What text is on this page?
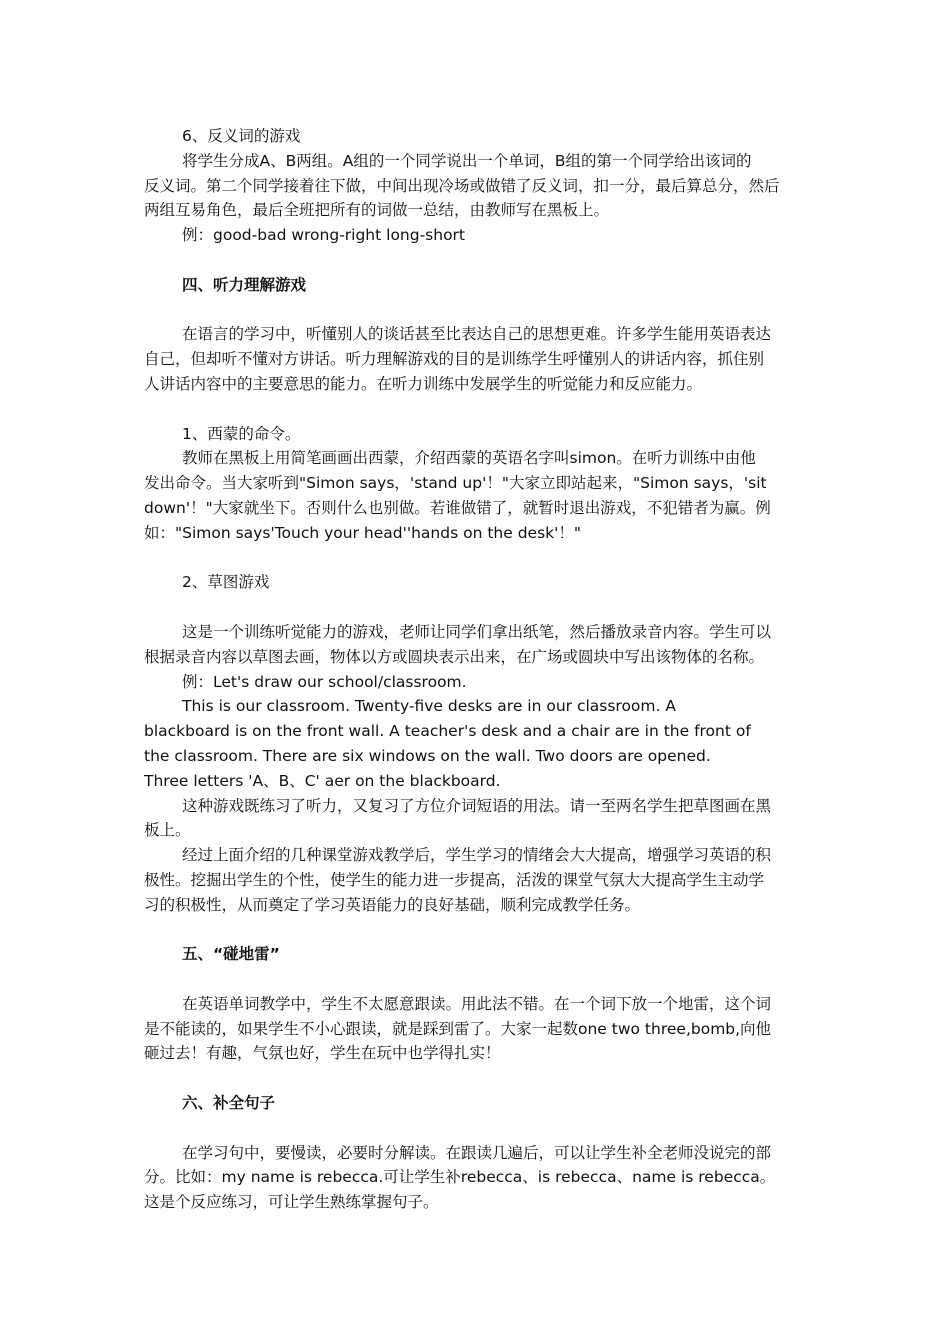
6、反义词的游戏
将学生分成A、B两组。A组的一个同学说出一个单词，B组的第一个同学给出该词的
反义词。第二个同学接着往下做，中间出现冷场或做错了反义词，扣一分，最后算总分，然后
两组互易角色，最后全班把所有的词做一总结，由教师写在黑板上。
例：good-bad wrong-right long-short
四、听力理解游戏
在语言的学习中，听懂别人的谈话甚至比表达自己的思想更难。许多学生能用英语表达
自己，但却听不懂对方讲话。听力理解游戏的目的是训练学生呼懂别人的讲话内容，抓住别
人讲话内容中的主要意思的能力。在听力训练中发展学生的听觉能力和反应能力。
1、西蒙的命令。
教师在黑板上用简笔画画出西蒙，介绍西蒙的英语名字叫simon。在听力训练中由他
发出命令。当大家听到"Simon says，'stand up'！"大家立即站起来，"Simon says，'sit
down'！"大家就坐下。否则什么也别做。若谁做错了，就暂时退出游戏，不犯错者为赢。例
如："Simon says'Touch your head''hands on the desk'！"
2、草图游戏
这是一个训练听觉能力的游戏，老师让同学们拿出纸笔，然后播放录音内容。学生可以
根据录音内容以草图去画，物体以方或圆块表示出来，在广场或圆块中写出该物体的名称。
例：Let's draw our school/classroom.
This is our classroom. Twenty-five desks are in our classroom. A
blackboard is on the front wall. A teacher's desk and a chair are in the front of
the classroom. There are six windows on the wall. Two doors are opened.
Three letters 'A、B、C' aer on the blackboard.
这种游戏既练习了听力，又复习了方位介词短语的用法。请一至两名学生把草图画在黑
板上。
经过上面介绍的几种课堂游戏教学后，学生学习的情绪会大大提高，增强学习英语的积
极性。挖掘出学生的个性，使学生的能力进一步提高，活泼的课堂气氛大大提高学生主动学
习的积极性，从而奠定了学习英语能力的良好基础，顺利完成教学任务。
五、“碰地雷”
在英语单词教学中，学生不太愿意跟读。用此法不错。在一个词下放一个地雷，这个词
是不能读的，如果学生不小心跟读，就是踩到雷了。大家一起数one two three,bomb,向他
砸过去！有趣，气氛也好，学生在玩中也学得扎实！
六、补全句子
在学习句中，要慢读，必要时分解读。在跟读几遍后，可以让学生补全老师没说完的部
分。比如：my name is rebecca.可让学生补rebecca、is rebecca、name is rebecca。
这是个反应练习，可让学生熟练掌握句子。
